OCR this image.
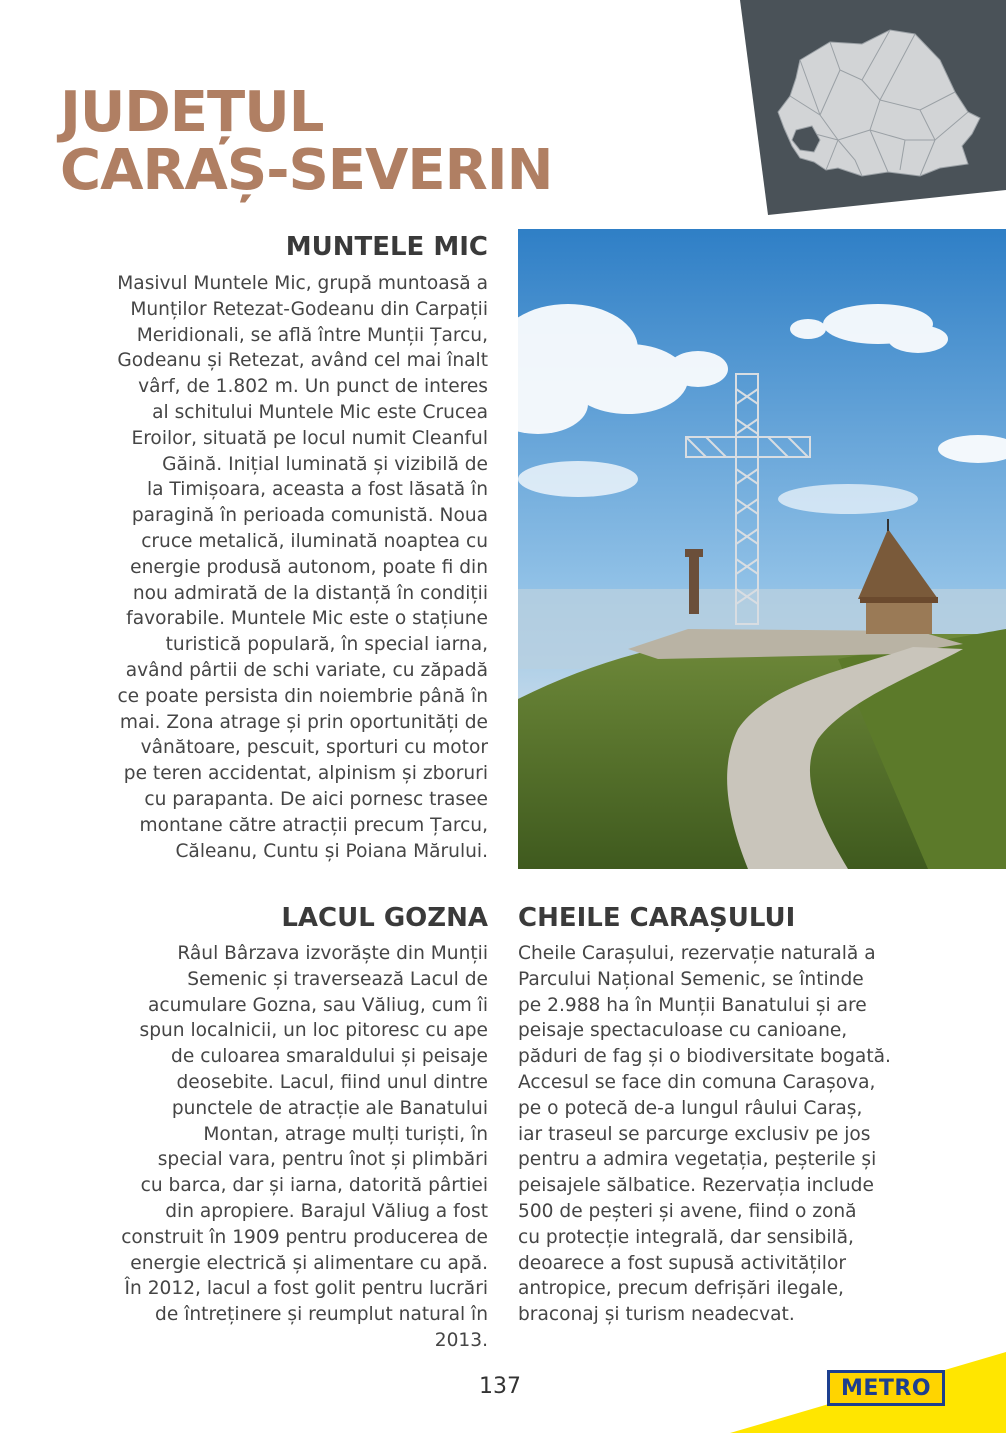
JUDEȚUL
CARAȘ-SEVERIN
MUNTELE MIC
Masivul Muntele Mic, grupă muntoasă a
Munților Retezat-Godeanu din Carpații
Meridionali, se află între Munții Țarcu,
Godeanu și Retezat, având cel mai înalt
vârf, de 1.802 m. Un punct de interes
al schitului Muntele Mic este Crucea
Eroilor, situată pe locul numit Cleanful
Găină. Inițial luminată și vizibilă de
la Timișoara, aceasta a fost lăsată în
paragină în perioada comunistă. Noua
cruce metalică, iluminată noaptea cu
energie produsă autonom, poate fi din
nou admirată de la distanță în condiții
favorabile. Muntele Mic este o stațiune
turistică populară, în special iarna,
având pârtii de schi variate, cu zăpadă
ce poate persista din noiembrie până în
mai. Zona atrage și prin oportunități de
vânătoare, pescuit, sporturi cu motor
pe teren accidentat, alpinism și zboruri
cu parapanta. De aici pornesc trasee
montane către atracții precum Țarcu,
Căleanu, Cuntu și Poiana Mărului.
LACUL GOZNA
Râul Bârzava izvorăște din Munții
Semenic și traversează Lacul de
acumulare Gozna, sau Văliug, cum îi
spun localnicii, un loc pitoresc cu ape
de culoarea smaraldului și peisaje
deosebite. Lacul, fiind unul dintre
punctele de atracție ale Banatului
Montan, atrage mulți turiști, în
special vara, pentru înot și plimbări
cu barca, dar și iarna, datorită pârtiei
din apropiere. Barajul Văliug a fost
construit în 1909 pentru producerea de
energie electrică și alimentare cu apă.
În 2012, lacul a fost golit pentru lucrări
de întreținere și reumplut natural în
2013.
CHEILE CARAȘULUI
Cheile Carașului, rezervație naturală a
Parcului Național Semenic, se întinde
pe 2.988 ha în Munții Banatului și are
peisaje spectaculoase cu canioane,
păduri de fag și o biodiversitate bogată.
Accesul se face din comuna Carașova,
pe o potecă de-a lungul râului Caraș,
iar traseul se parcurge exclusiv pe jos
pentru a admira vegetația, peșterile și
peisajele sălbatice. Rezervația include
500 de peșteri și avene, fiind o zonă
cu protecție integrală, dar sensibilă,
deoarece a fost supusă activităților
antropice, precum defrișări ilegale,
braconaj și turism neadecvat.
137	METRO
